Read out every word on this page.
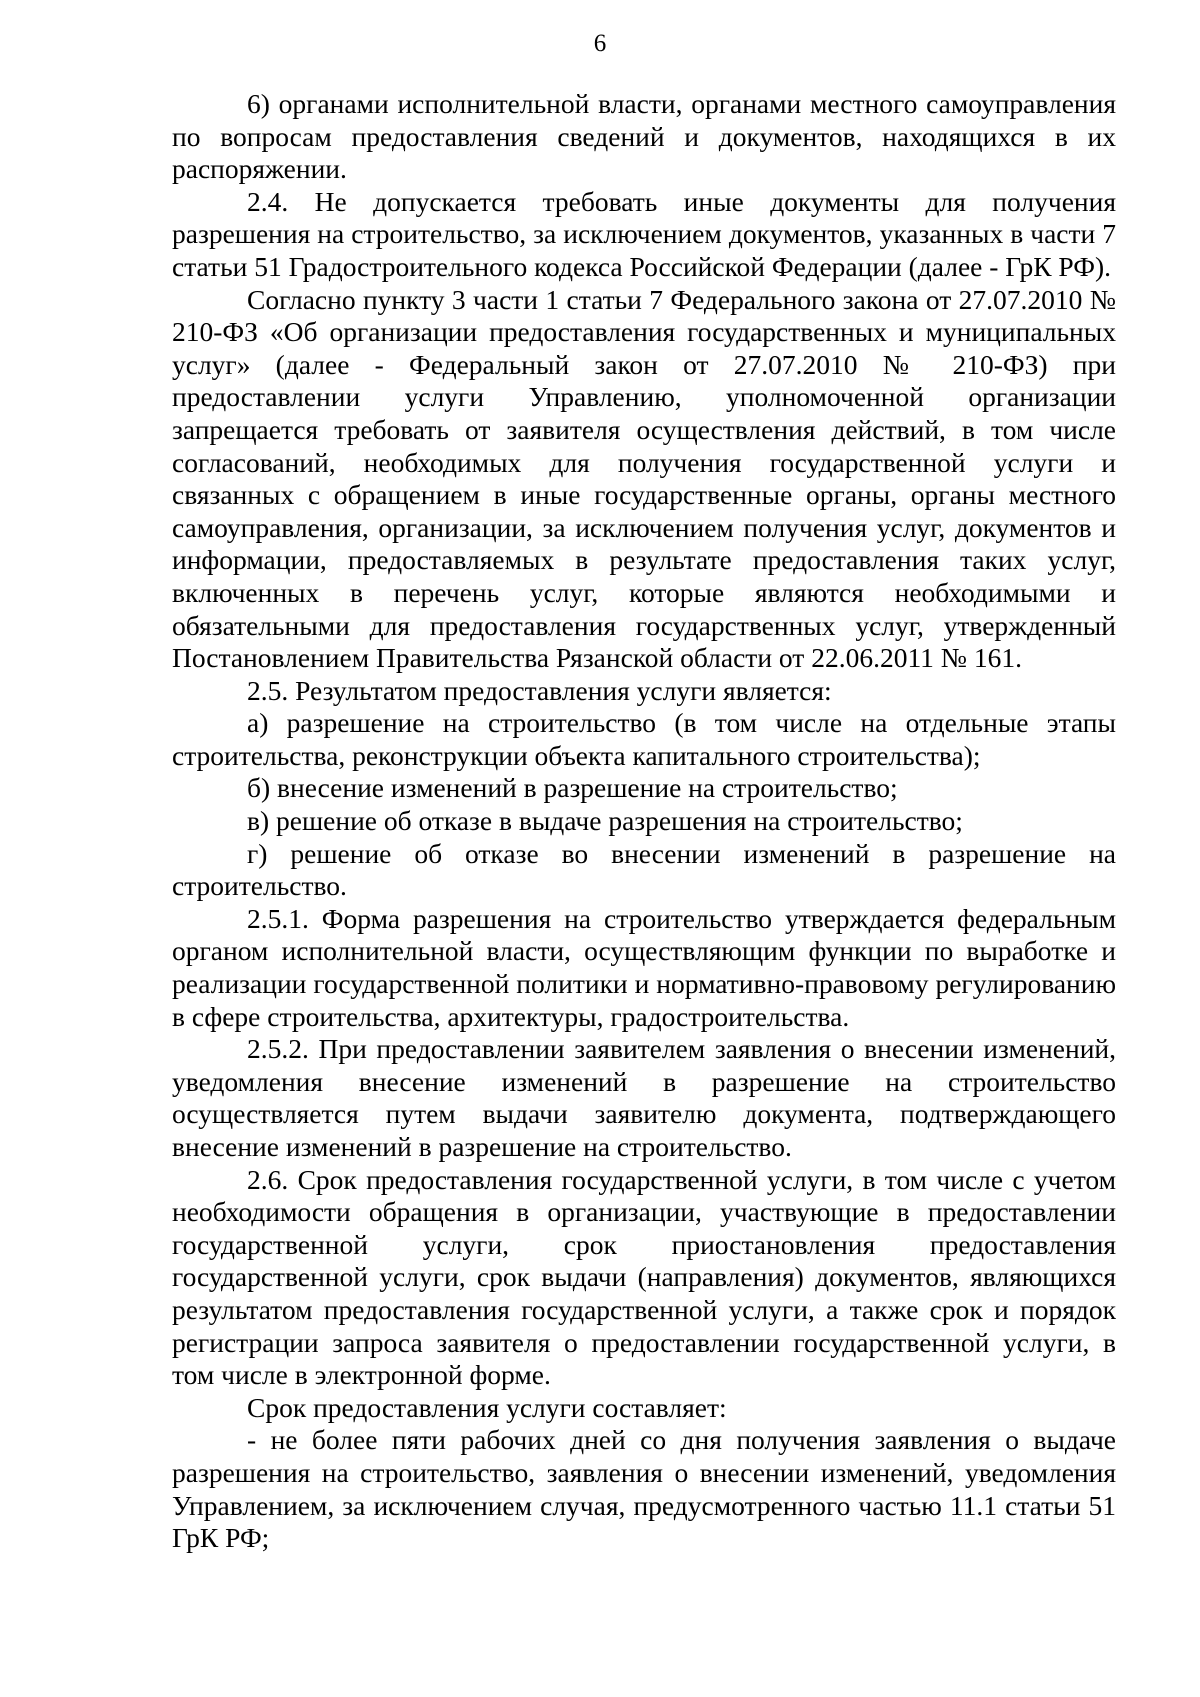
6

6) органами исполнительной власти, органами местного самоуправления по вопросам предоставления сведений и документов, находящихся в их распоряжении.

2.4. Не допускается требовать иные документы для получения разрешения на строительство, за исключением документов, указанных в части 7 статьи 51 Градостроительного кодекса Российской Федерации (далее - ГрК РФ).

Согласно пункту 3 части 1 статьи 7 Федерального закона от 27.07.2010 № 210-ФЗ «Об организации предоставления государственных и муниципальных услуг» (далее - Федеральный закон от 27.07.2010 № 210-ФЗ) при предоставлении услуги Управлению, уполномоченной организации запрещается требовать от заявителя осуществления действий, в том числе согласований, необходимых для получения государственной услуги и связанных с обращением в иные государственные органы, органы местного самоуправления, организации, за исключением получения услуг, документов и информации, предоставляемых в результате предоставления таких услуг, включенных в перечень услуг, которые являются необходимыми и обязательными для предоставления государственных услуг, утвержденный Постановлением Правительства Рязанской области от 22.06.2011 № 161.

2.5. Результатом предоставления услуги является:

а) разрешение на строительство (в том числе на отдельные этапы строительства, реконструкции объекта капитального строительства);

б) внесение изменений в разрешение на строительство;

в) решение об отказе в выдаче разрешения на строительство;

г) решение об отказе во внесении изменений в разрешение на строительство.

2.5.1. Форма разрешения на строительство утверждается федеральным органом исполнительной власти, осуществляющим функции по выработке и реализации государственной политики и нормативно-правовому регулированию в сфере строительства, архитектуры, градостроительства.

2.5.2. При предоставлении заявителем заявления о внесении изменений, уведомления внесение изменений в разрешение на строительство осуществляется путем выдачи заявителю документа, подтверждающего внесение изменений в разрешение на строительство.

2.6. Срок предоставления государственной услуги, в том числе с учетом необходимости обращения в организации, участвующие в предоставлении государственной услуги, срок приостановления предоставления государственной услуги, срок выдачи (направления) документов, являющихся результатом предоставления государственной услуги, а также срок и порядок регистрации запроса заявителя о предоставлении государственной услуги, в том числе в электронной форме.

Срок предоставления услуги составляет:

- не более пяти рабочих дней со дня получения заявления о выдаче разрешения на строительство, заявления о внесении изменений, уведомления Управлением, за исключением случая, предусмотренного частью 11.1 статьи 51 ГрК РФ;
